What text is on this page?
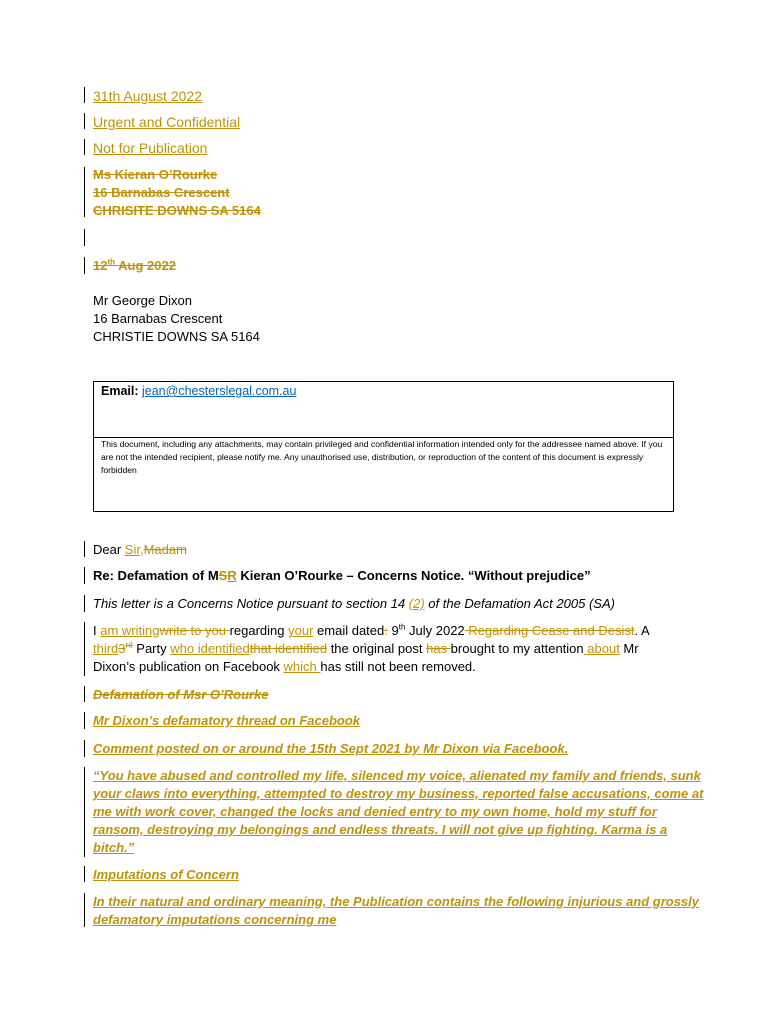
31th August 2022
Urgent and Confidential
Not for Publication
Ms Kieran O’Rourke
16 Barnabas Crescent
CHRISITE DOWNS SA 5164
12th Aug 2022
Mr George Dixon
16 Barnabas Crescent
CHRISTIE DOWNS SA 5164
Email: jean@chesterslegal.com.au
This document, including any attachments, may contain privileged and confidential information intended only for the addressee named above. If you are not the intended recipient, please notify me. Any unauthorised use, distribution, or reproduction of the content of this document is expressly forbidden
Dear Sir,Madam
Re: Defamation of MSR Kieran O’Rourke – Concerns Notice. “Without prejudice”
This letter is a Concerns Notice pursuant to section 14 (2) of the Defamation Act 2005 (SA)
I am writingwrite to you regarding your email dated: 9th July 2022 Regarding Cease and Desist. A
third3rd Party who identifiedthat identified the original post has brought to my attention about Mr
Dixon’s publication on Facebook which has still not been removed.
Defamation of Msr O’Rourke
Mr Dixon’s defamatory thread on Facebook
Comment posted on or around the 15th Sept 2021 by Mr Dixon via Facebook.
“You have abused and controlled my life, silenced my voice, alienated my family and friends, sunk
your claws into everything, attempted to destroy my business, reported false accusations, come at
me with work cover, changed the locks and denied entry to my own home, hold my stuff for
ransom, destroying my belongings and endless threats. I will not give up fighting. Karma is a
bitch.”
Imputations of Concern
In their natural and ordinary meaning, the Publication contains the following injurious and grossly
defamatory imputations concerning me
